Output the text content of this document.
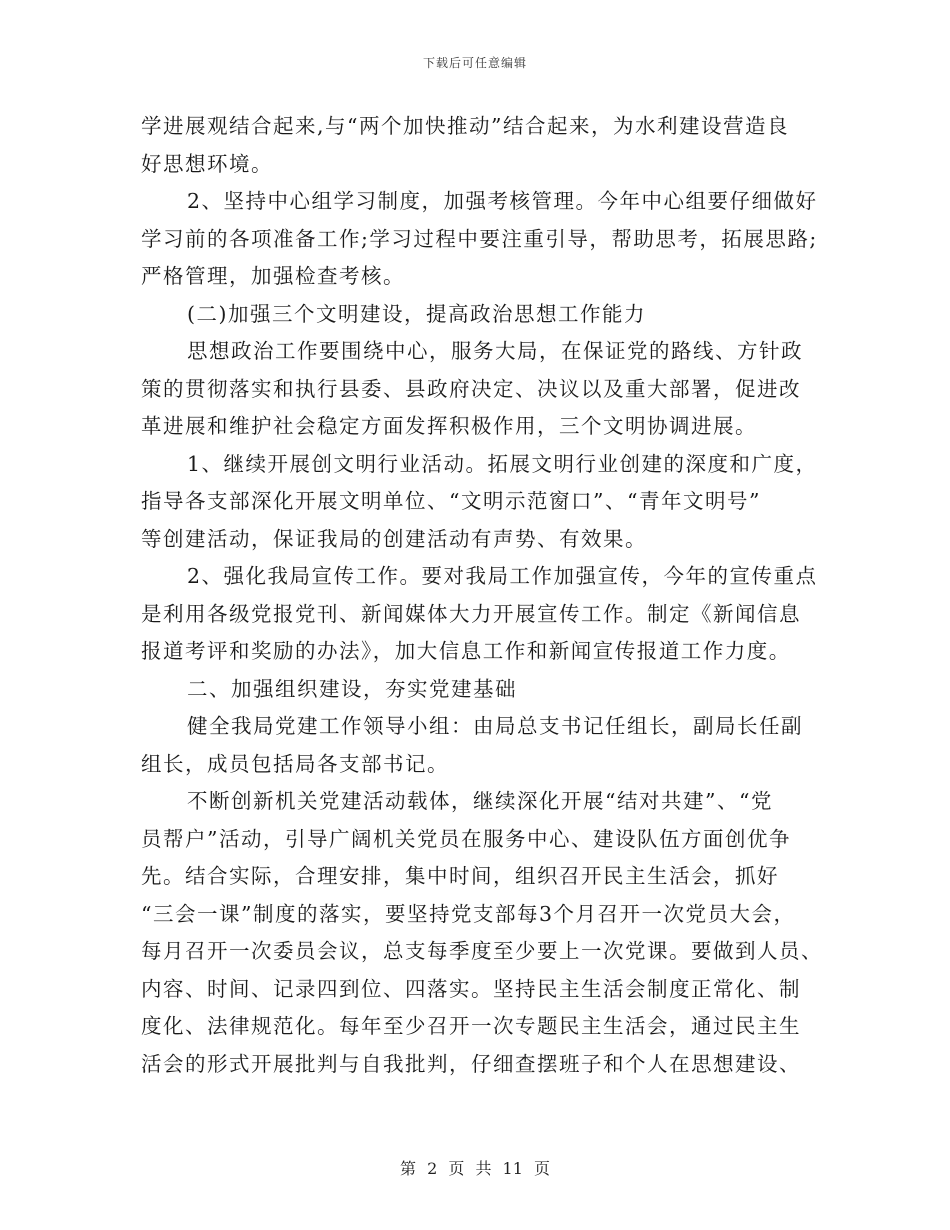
下载后可任意编辑
学进展观结合起来,与“两个加快推动”结合起来，为水利建设营造良
好思想环境。
2、坚持中心组学习制度，加强考核管理。今年中心组要仔细做好
学习前的各项准备工作;学习过程中要注重引导，帮助思考，拓展思路;
严格管理，加强检查考核。
(二)加强三个文明建设，提高政治思想工作能力
思想政治工作要围绕中心，服务大局，在保证党的路线、方针政
策的贯彻落实和执行县委、县政府决定、决议以及重大部署，促进改
革进展和维护社会稳定方面发挥积极作用，三个文明协调进展。
1、继续开展创文明行业活动。拓展文明行业创建的深度和广度，
指导各支部深化开展文明单位、“文明示范窗口”、“青年文明号”
等创建活动，保证我局的创建活动有声势、有效果。
2、强化我局宣传工作。要对我局工作加强宣传，今年的宣传重点
是利用各级党报党刊、新闻媒体大力开展宣传工作。制定《新闻信息
报道考评和奖励的办法》，加大信息工作和新闻宣传报道工作力度。
二、加强组织建设，夯实党建基础
健全我局党建工作领导小组：由局总支书记任组长，副局长任副
组长，成员包括局各支部书记。
不断创新机关党建活动载体，继续深化开展“结对共建”、“党
员帮户”活动，引导广阔机关党员在服务中心、建设队伍方面创优争
先。结合实际，合理安排，集中时间，组织召开民主生活会，抓好
“三会一课”制度的落实，要坚持党支部每3个月召开一次党员大会，
每月召开一次委员会议，总支每季度至少要上一次党课。要做到人员、
内容、时间、记录四到位、四落实。坚持民主生活会制度正常化、制
度化、法律规范化。每年至少召开一次专题民主生活会，通过民主生
活会的形式开展批判与自我批判，仔细查摆班子和个人在思想建设、
第 2 页 共 11 页
